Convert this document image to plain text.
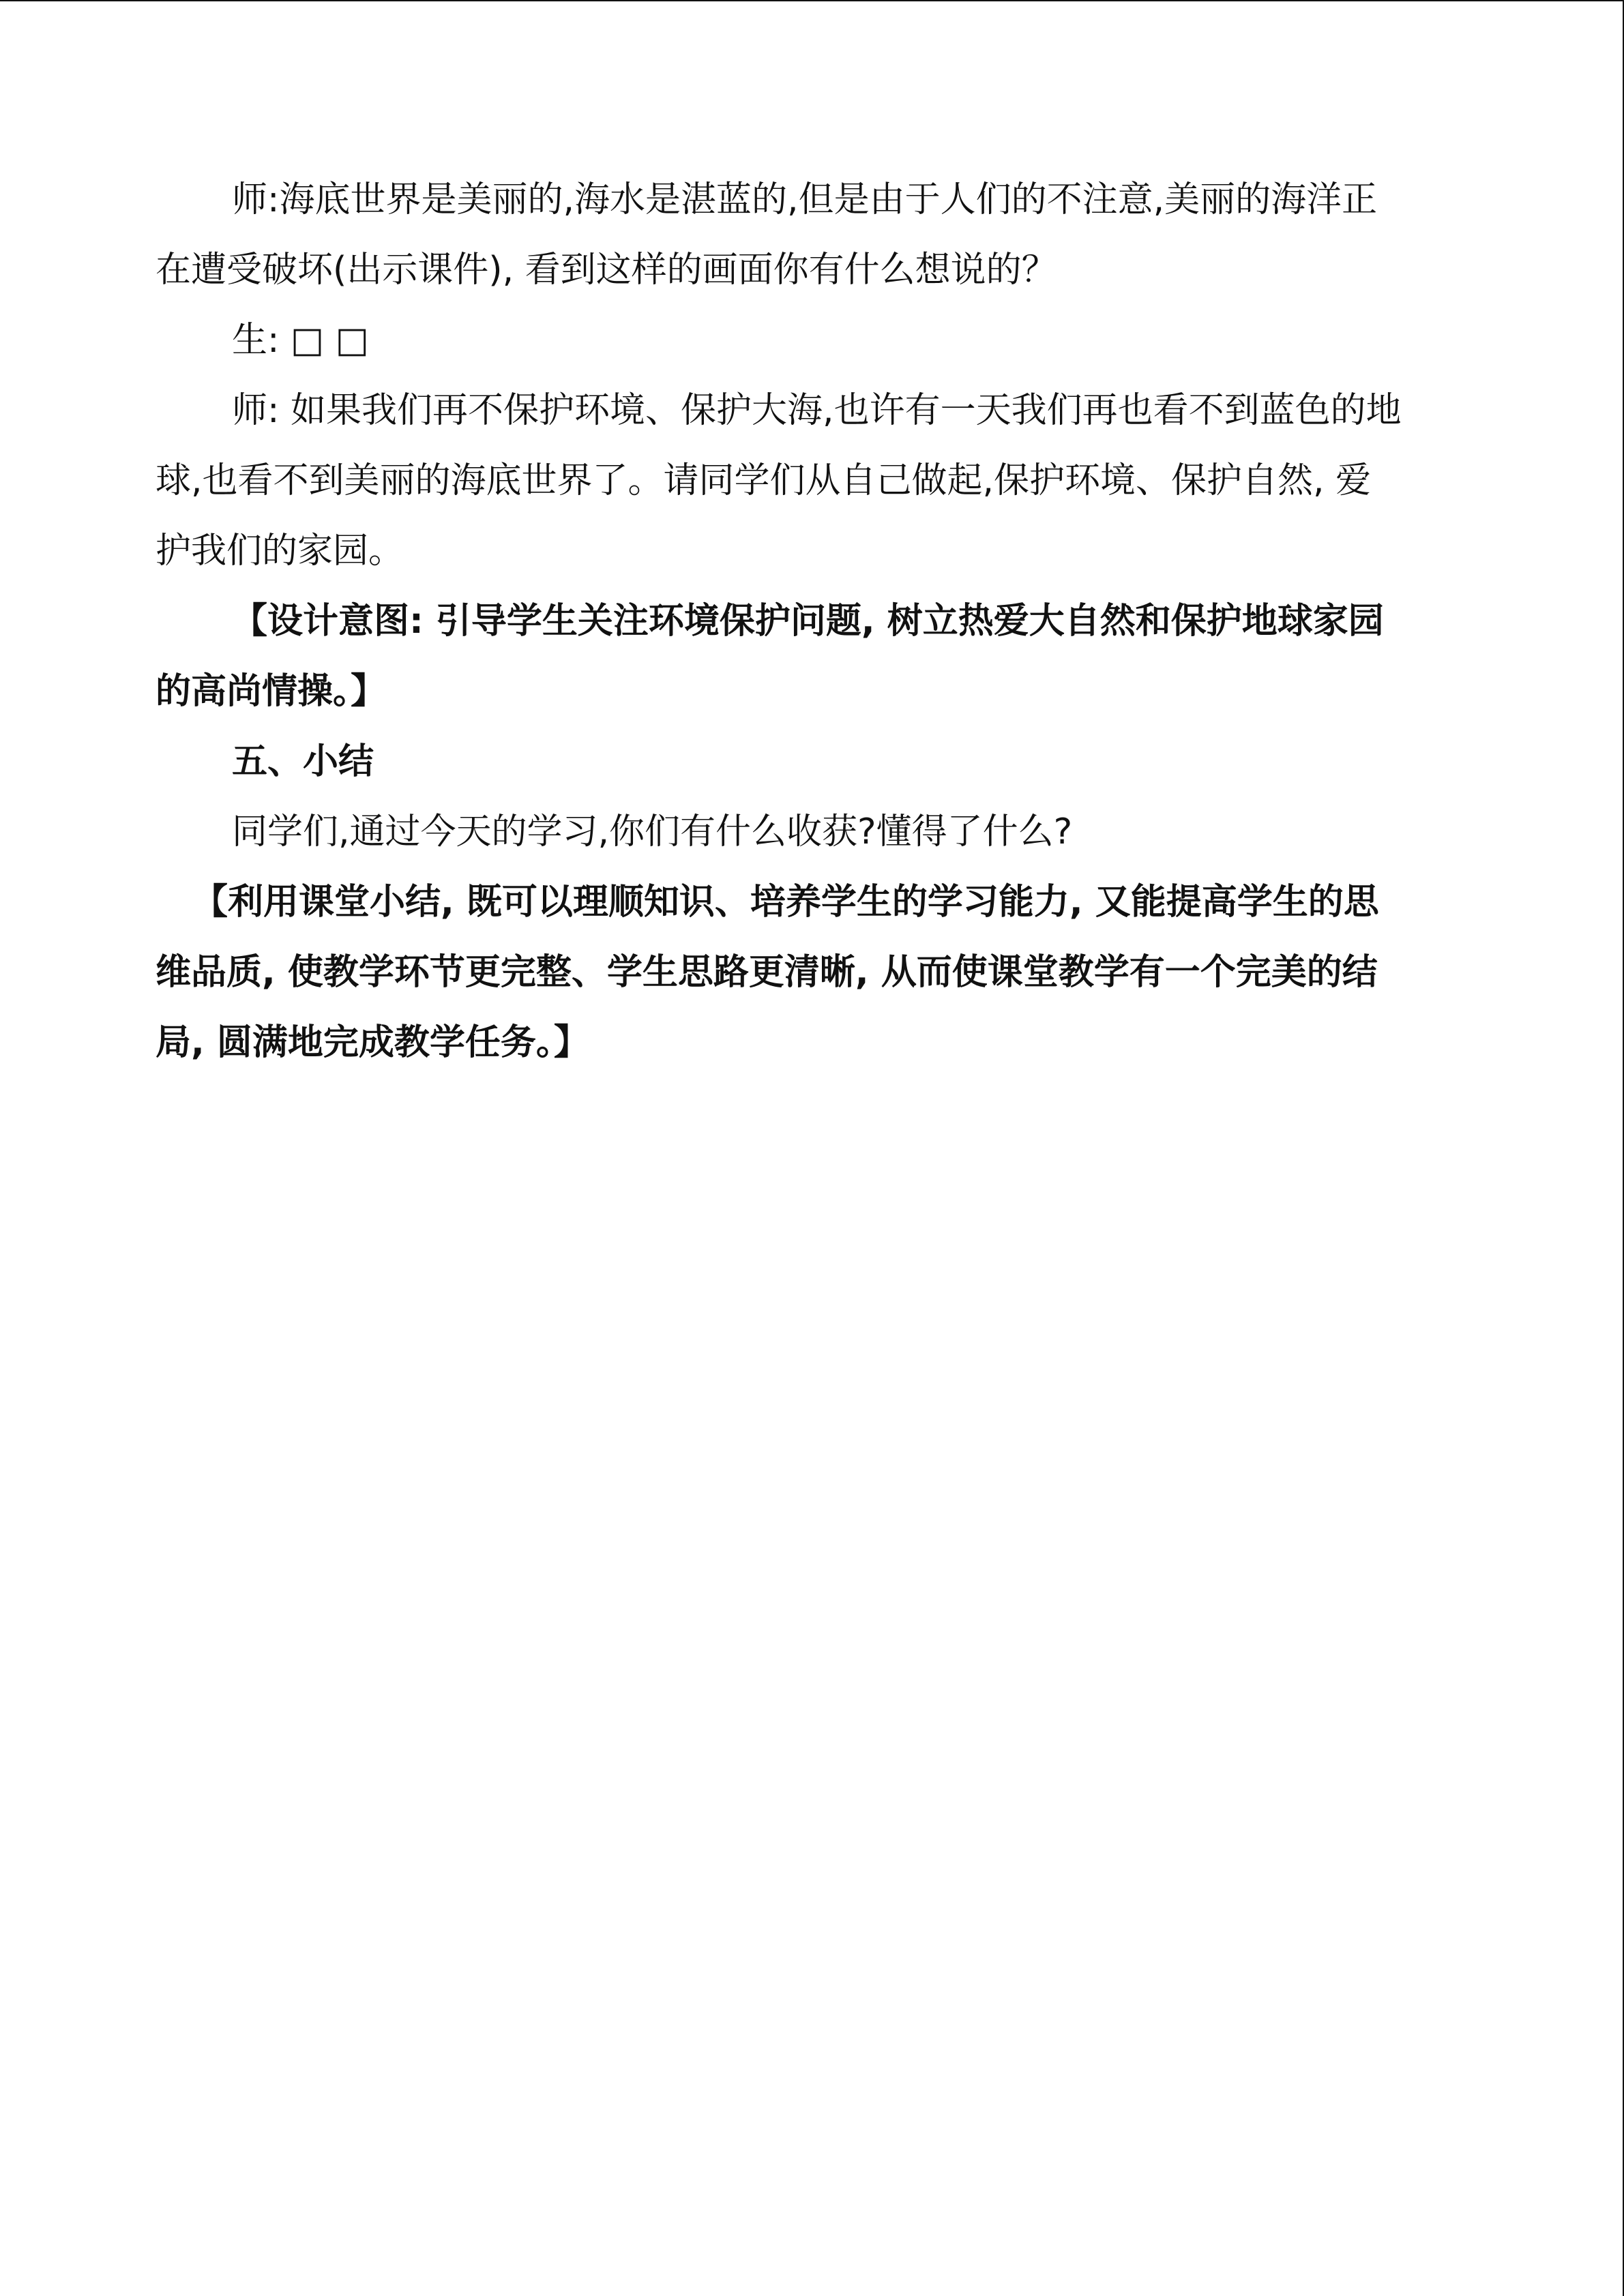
师:海底世界是美丽的,海水是湛蓝的,但是由于人们的不注意,美丽的海洋正

在遭受破坏(出示课件), 看到这样的画面你有什么想说的？

生: □ □

师: 如果我们再不保护环境、保护大海,也许有一天我们再也看不到蓝色的地

球,也看不到美丽的海底世界了。请同学们从自己做起,保护环境、保护自然, 爱

护我们的家园。

【设计意图: 引导学生关注环境保护问题, 树立热爱大自然和保护地球家园

的高尚情操。】

五、小结

同学们,通过今天的学习,你们有什么收获?懂得了什么?

【利用课堂小结, 既可以理顺知识、培养学生的学习能力, 又能提高学生的思

维品质, 使教学环节更完整、学生思路更清晰, 从而使课堂教学有一个完美的结

局, 圆满地完成教学任务。】
